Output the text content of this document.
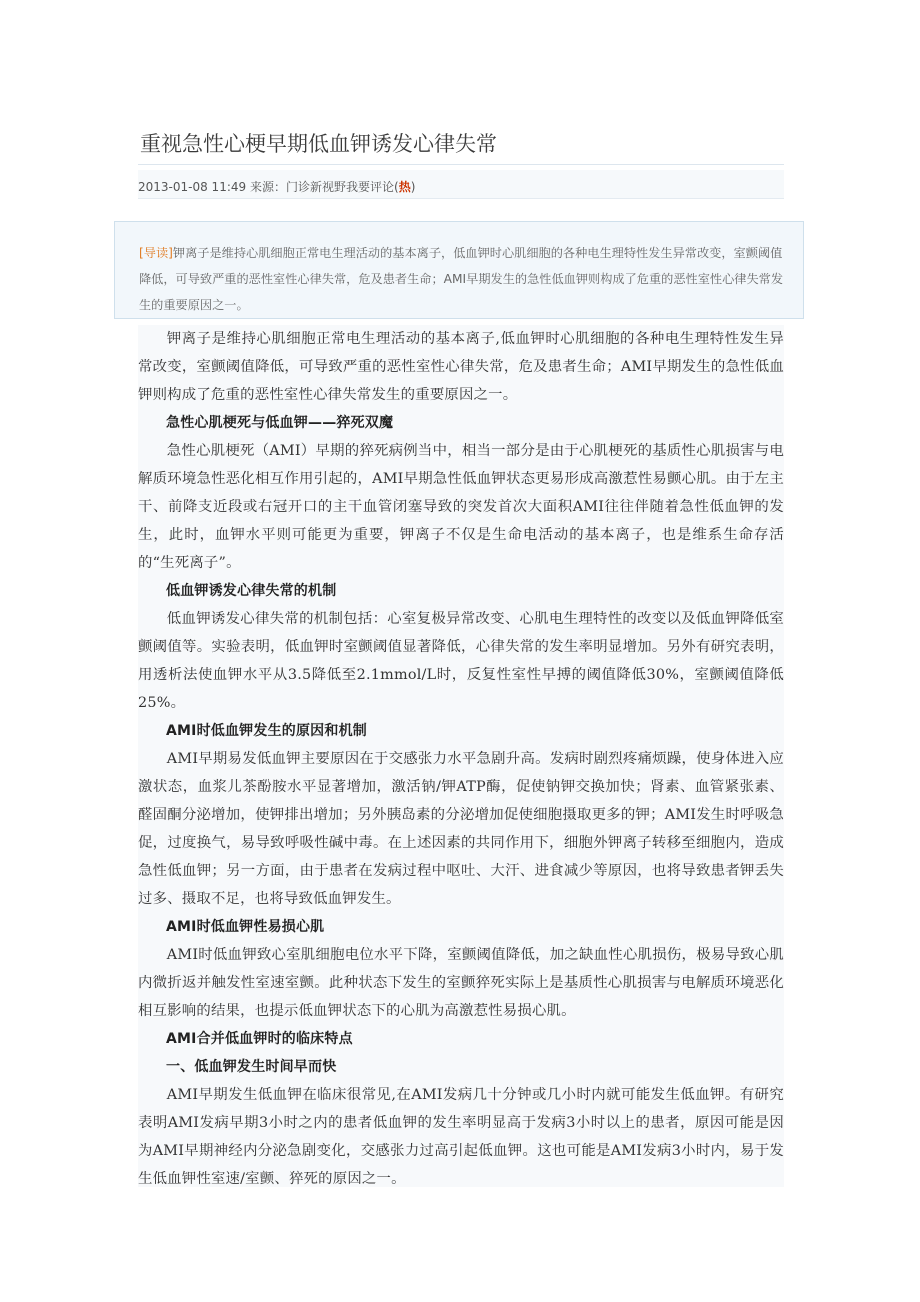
重视急性心梗早期低血钾诱发心律失常
2013-01-08 11:49 来源：门诊新视野我要评论(热)

[导读]钾离子是维持心肌细胞正常电生理活动的基本离子，低血钾时心肌细胞的各种电生理特性发生异常改变，室颤阈值降低，可导致严重的恶性室性心律失常，危及患者生命；AMI早期发生的急性低血钾则构成了危重的恶性室性心律失常发生的重要原因之一。

钾离子是维持心肌细胞正常电生理活动的基本离子,低血钾时心肌细胞的各种电生理特性发生异常改变，室颤阈值降低，可导致严重的恶性室性心律失常，危及患者生命；AMI早期发生的急性低血钾则构成了危重的恶性室性心律失常发生的重要原因之一。

急性心肌梗死与低血钾——猝死双魔

急性心肌梗死（AMI）早期的猝死病例当中，相当一部分是由于心肌梗死的基质性心肌损害与电解质环境急性恶化相互作用引起的，AMI早期急性低血钾状态更易形成高激惹性易颤心肌。由于左主干、前降支近段或右冠开口的主干血管闭塞导致的突发首次大面积AMI往往伴随着急性低血钾的发生，此时，血钾水平则可能更为重要，钾离子不仅是生命电活动的基本离子，也是维系生命存活的“生死离子”。

低血钾诱发心律失常的机制

低血钾诱发心律失常的机制包括：心室复极异常改变、心肌电生理特性的改变以及低血钾降低室颤阈值等。实验表明，低血钾时室颤阈值显著降低，心律失常的发生率明显增加。另外有研究表明，用透析法使血钾水平从3.5降低至2.1mmol/L时，反复性室性早搏的阈值降低30%，室颤阈值降低25%。

AMI时低血钾发生的原因和机制

AMI早期易发低血钾主要原因在于交感张力水平急剧升高。发病时剧烈疼痛烦躁，使身体进入应激状态，血浆儿茶酚胺水平显著增加，激活钠/钾ATP酶，促使钠钾交换加快；肾素、血管紧张素、醛固酮分泌增加，使钾排出增加；另外胰岛素的分泌增加促使细胞摄取更多的钾；AMI发生时呼吸急促，过度换气，易导致呼吸性碱中毒。在上述因素的共同作用下，细胞外钾离子转移至细胞内，造成急性低血钾；另一方面，由于患者在发病过程中呕吐、大汗、进食减少等原因，也将导致患者钾丢失过多、摄取不足，也将导致低血钾发生。

AMI时低血钾性易损心肌

AMI时低血钾致心室肌细胞电位水平下降，室颤阈值降低，加之缺血性心肌损伤，极易导致心肌内微折返并触发性室速室颤。此种状态下发生的室颤猝死实际上是基质性心肌损害与电解质环境恶化相互影响的结果，也提示低血钾状态下的心肌为高激惹性易损心肌。

AMI合并低血钾时的临床特点

一、低血钾发生时间早而快

AMI早期发生低血钾在临床很常见,在AMI发病几十分钟或几小时内就可能发生低血钾。有研究表明AMI发病早期3小时之内的患者低血钾的发生率明显高于发病3小时以上的患者，原因可能是因为AMI早期神经内分泌急剧变化，交感张力过高引起低血钾。这也可能是AMI发病3小时内，易于发生低血钾性室速/室颤、猝死的原因之一。
